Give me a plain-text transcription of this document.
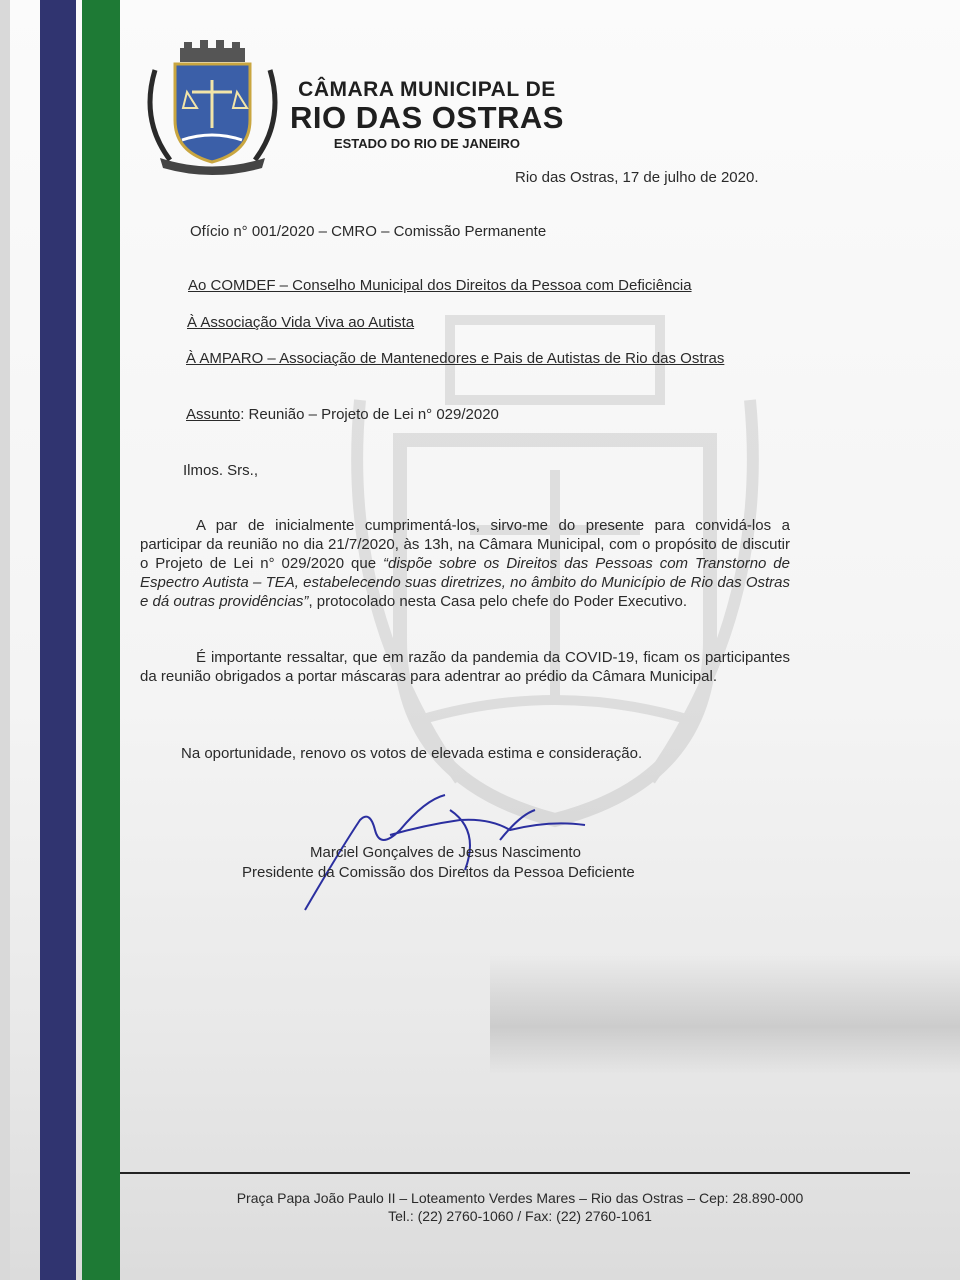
CÂMARA MUNICIPAL DE
RIO DAS OSTRAS
ESTADO DO RIO DE JANEIRO
Rio das Ostras, 17 de julho de 2020.
Ofício n° 001/2020 – CMRO – Comissão Permanente
Ao COMDEF – Conselho Municipal dos Direitos da Pessoa com Deficiência
À Associação Vida Viva ao Autista
À AMPARO – Associação de Mantenedores e Pais de Autistas de Rio das Ostras
Assunto: Reunião – Projeto de Lei n° 029/2020
Ilmos. Srs.,
A par de inicialmente cumprimentá-los, sirvo-me do presente para convidá-los a participar da reunião no dia 21/7/2020, às 13h, na Câmara Municipal, com o propósito de discutir o Projeto de Lei n° 029/2020 que “dispõe sobre os Direitos das Pessoas com Transtorno de Espectro Autista – TEA, estabelecendo suas diretrizes, no âmbito do Município de Rio das Ostras e dá outras providências”, protocolado nesta Casa pelo chefe do Poder Executivo.
É importante ressaltar, que em razão da pandemia da COVID-19, ficam os participantes da reunião obrigados a portar máscaras para adentrar ao prédio da Câmara Municipal.
Na oportunidade, renovo os votos de elevada estima e consideração.
Marciel Gonçalves de Jesus Nascimento
Presidente da Comissão dos Direitos da Pessoa Deficiente
Praça Papa João Paulo II – Loteamento Verdes Mares – Rio das Ostras – Cep: 28.890-000
Tel.: (22) 2760-1060 / Fax: (22) 2760-1061
